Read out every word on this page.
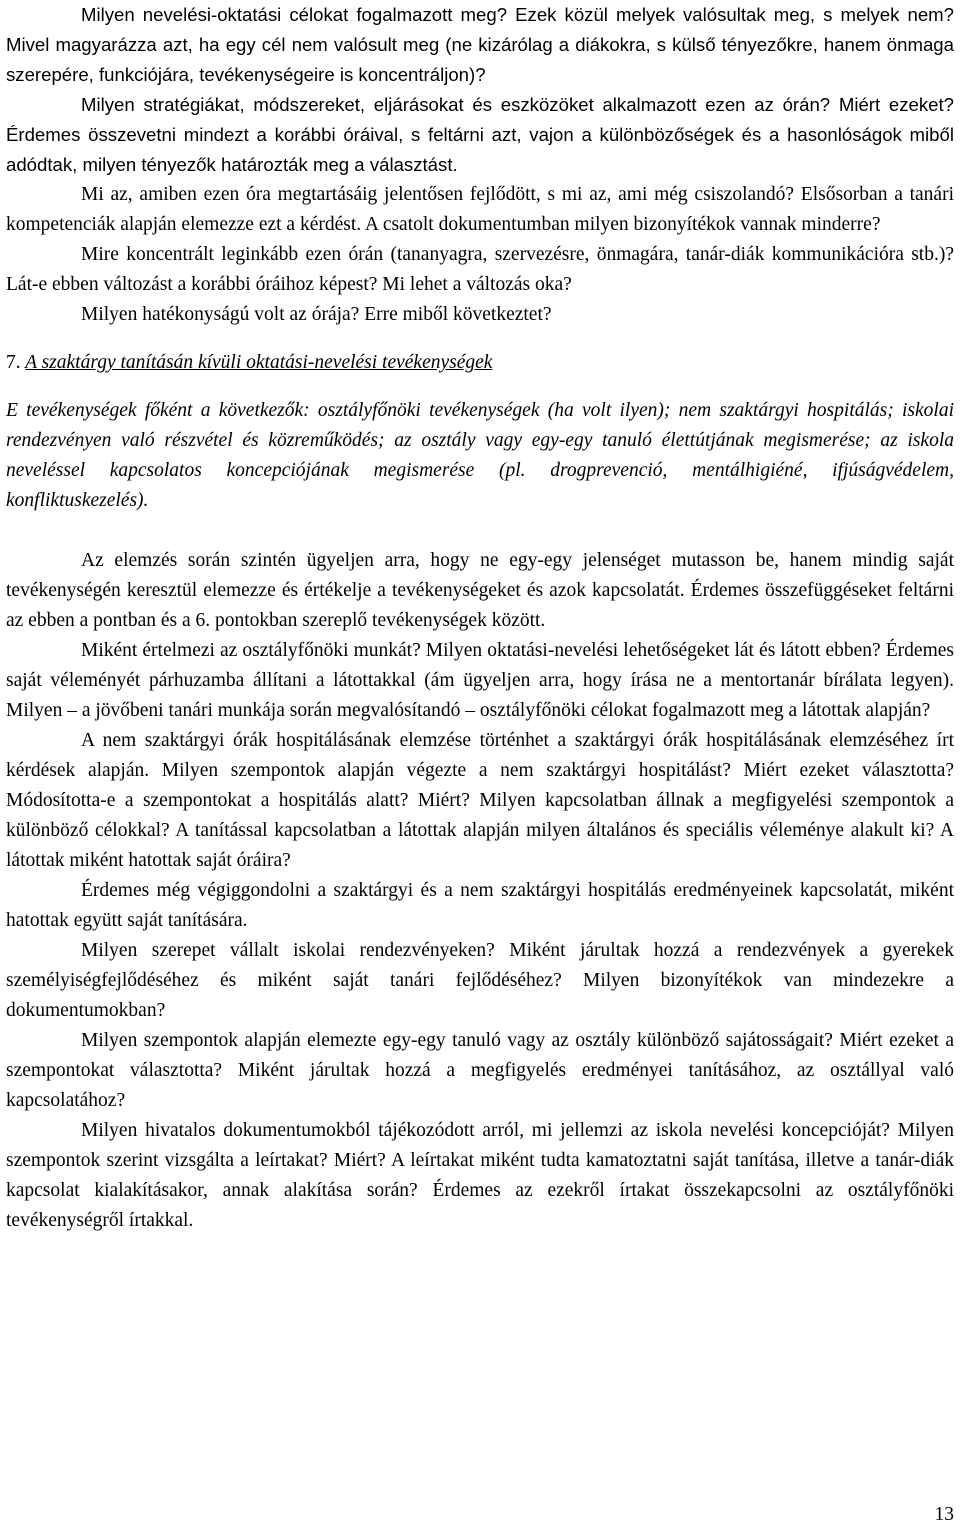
Milyen nevelési-oktatási célokat fogalmazott meg? Ezek közül melyek valósultak meg, s melyek nem? Mivel magyarázza azt, ha egy cél nem valósult meg (ne kizárólag a diákokra, s külső tényezőkre, hanem önmaga szerepére, funkciójára, tevékenységeire is koncentráljon)?

Milyen stratégiákat, módszereket, eljárásokat és eszközöket alkalmazott ezen az órán? Miért ezeket? Érdemes összevetni mindezt a korábbi óráival, s feltárni azt, vajon a különbözőségek és a hasonlóságok miből adódtak, milyen tényezők határozták meg a választást.

Mi az, amiben ezen óra megtartásáig jelentősen fejlődött, s mi az, ami még csiszolandó? Elsősorban a tanári kompetenciák alapján elemezze ezt a kérdést. A csatolt dokumentumban milyen bizonyítékok vannak minderre?

Mire koncentrált leginkább ezen órán (tananyagra, szervezésre, önmagára, tanár-diák kommunikációra stb.)? Lát-e ebben változást a korábbi óráihoz képest? Mi lehet a változás oka?

Milyen hatékonyságú volt az órája? Erre miből következtet?

7. A szaktárgy tanításán kívüli oktatási-nevelési tevékenységek

E tevékenységek főként a következők: osztályfőnöki tevékenységek (ha volt ilyen); nem szaktárgyi hospitálás; iskolai rendezvényen való részvétel és közreműködés; az osztály vagy egy-egy tanuló élettútjának megismerése; az iskola neveléssel kapcsolatos koncepciójának megismerése (pl. drogprevenció, mentálhigiéné, ifjúságvédelem, konfliktuskezelés).

Az elemzés során szintén ügyeljen arra, hogy ne egy-egy jelenséget mutasson be, hanem mindig saját tevékenységén keresztül elemezze és értékelje a tevékenységeket és azok kapcsolatát. Érdemes összefüggéseket feltárni az ebben a pontban és a 6. pontokban szereplő tevékenységek között.

Miként értelmezi az osztályfőnöki munkát? Milyen oktatási-nevelési lehetőségeket lát és látott ebben? Érdemes saját véleményét párhuzamba állítani a látottakkal (ám ügyeljen arra, hogy írása ne a mentortanár bírálata legyen). Milyen – a jövőbeni tanári munkája során megvalósítandó – osztályfőnöki célokat fogalmazott meg a látottak alapján?

A nem szaktárgyi órák hospitálásának elemzése történhet a szaktárgyi órák hospitálásának elemzéséhez írt kérdések alapján. Milyen szempontok alapján végezte a nem szaktárgyi hospitálást? Miért ezeket választotta? Módosította-e a szempontokat a hospitálás alatt? Miért? Milyen kapcsolatban állnak a megfigyelési szempontok a különböző célokkal? A tanítással kapcsolatban a látottak alapján milyen általános és speciális véleménye alakult ki? A látottak miként hatottak saját óráira?

Érdemes még végiggondolni a szaktárgyi és a nem szaktárgyi hospitálás eredményeinek kapcsolatát, miként hatottak együtt saját tanítására.

Milyen szerepet vállalt iskolai rendezvényeken? Miként járultak hozzá a rendezvények a gyerekek személyiségfejlődéséhez és miként saját tanári fejlődéséhez? Milyen bizonyítékok van mindezekre a dokumentumokban?

Milyen szempontok alapján elemezte egy-egy tanuló vagy az osztály különböző sajátosságait? Miért ezeket a szempontokat választotta? Miként járultak hozzá a megfigyelés eredményei tanításához, az osztállyal való kapcsolatához?

Milyen hivatalos dokumentumokból tájékozódott arról, mi jellemzi az iskola nevelési koncepcióját? Milyen szempontok szerint vizsgálta a leírtakat? Miért? A leírtakat miként tudta kamatoztatni saját tanítása, illetve a tanár-diák kapcsolat kialakításakor, annak alakítása során? Érdemes az ezekről írtakat összekapcsolni az osztályfőnöki tevékenységről írtakkal.

13
